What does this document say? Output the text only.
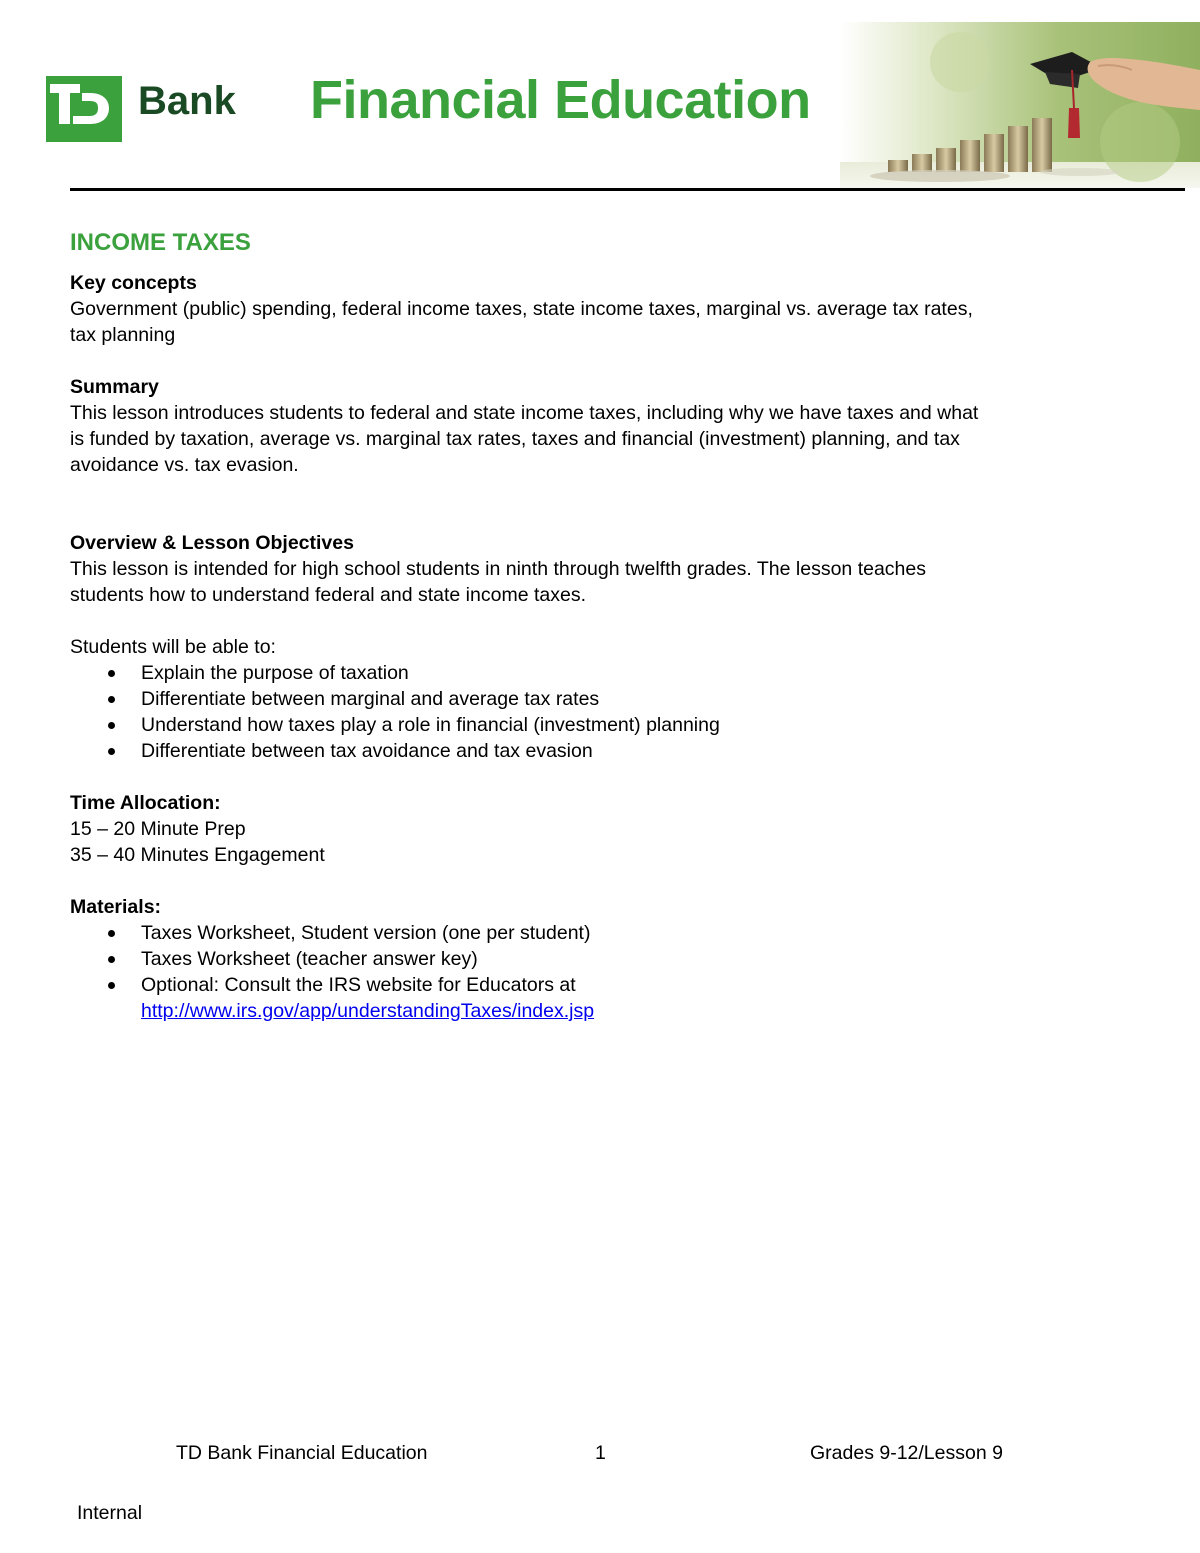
Bank Financial Education
INCOME TAXES
Key concepts
Government (public) spending, federal income taxes, state income taxes, marginal vs. average tax rates,
tax planning
Summary
This lesson introduces students to federal and state income taxes, including why we have taxes and what
is funded by taxation, average vs. marginal tax rates, taxes and financial (investment) planning, and tax
avoidance vs. tax evasion.
Overview & Lesson Objectives
This lesson is intended for high school students in ninth through twelfth grades. The lesson teaches
students how to understand federal and state income taxes.
Students will be able to:
Explain the purpose of taxation
Differentiate between marginal and average tax rates
Understand how taxes play a role in financial (investment) planning
Differentiate between tax avoidance and tax evasion
Time Allocation:
15 – 20 Minute Prep
35 – 40 Minutes Engagement
Materials:
Taxes Worksheet, Student version (one per student)
Taxes Worksheet (teacher answer key)
Optional: Consult the IRS website for Educators at
http://www.irs.gov/app/understandingTaxes/index.jsp
TD Bank Financial Education	1	Grades 9-12/Lesson 9
Internal
